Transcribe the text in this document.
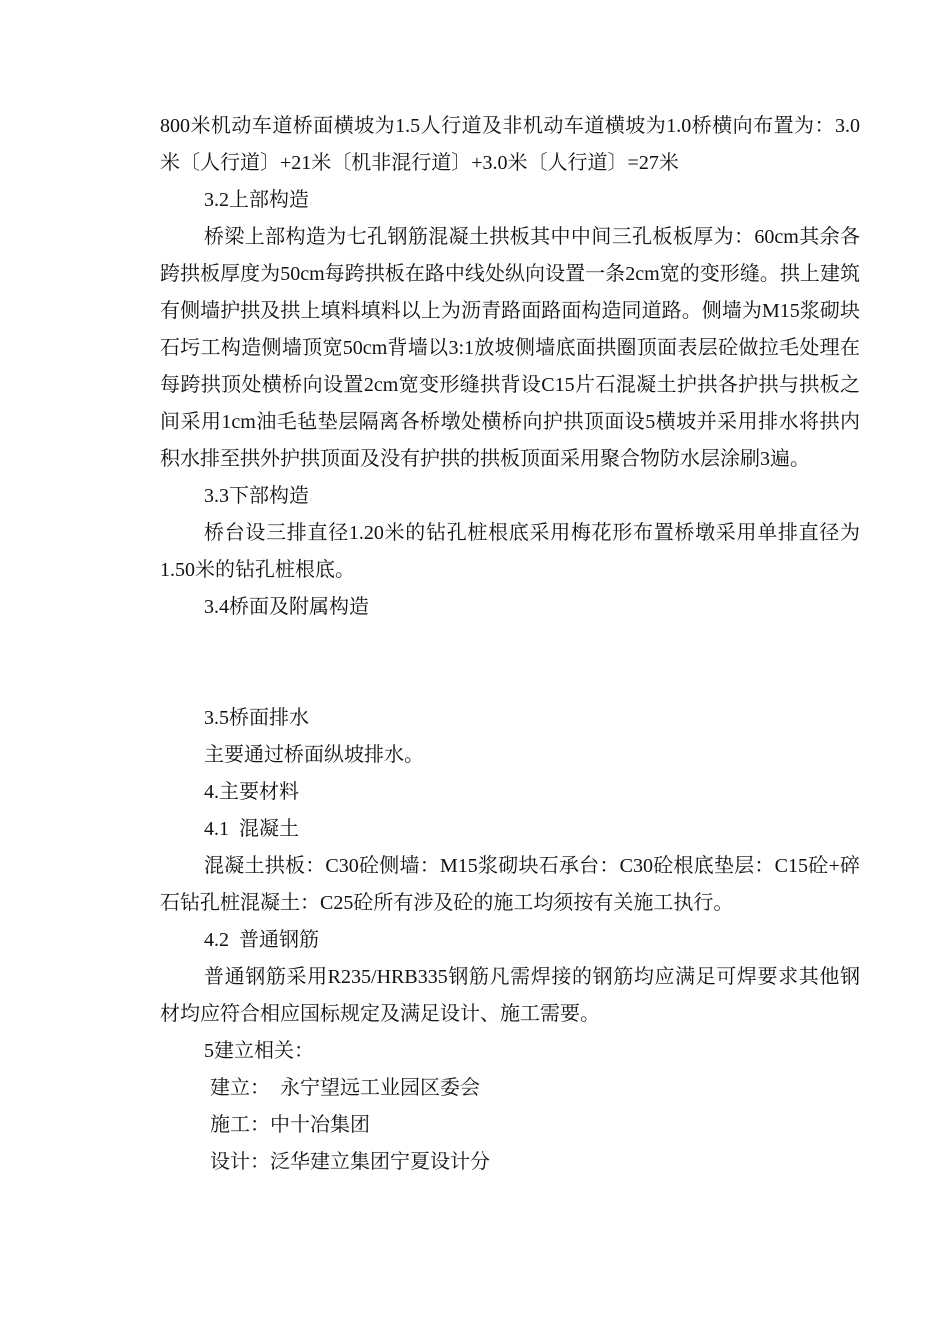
800米机动车道桥面横坡为1.5人行道及非机动车道横坡为1.0桥横向布置为：3.0米〔人行道〕+21米〔机非混行道〕+3.0米〔人行道〕=27米

3.2上部构造

桥梁上部构造为七孔钢筋混凝土拱板其中中间三孔板板厚为：60cm其余各跨拱板厚度为50cm每跨拱板在路中线处纵向设置一条2cm宽的变形缝。拱上建筑有侧墙护拱及拱上填料填料以上为沥青路面路面构造同道路。侧墙为M15浆砌块石圬工构造侧墙顶宽50cm背墙以3:1放坡侧墙底面拱圈顶面表层砼做拉毛处理在每跨拱顶处横桥向设置2cm宽变形缝拱背设C15片石混凝土护拱各护拱与拱板之间采用1cm油毛毡垫层隔离各桥墩处横桥向护拱顶面设5横坡并采用排水将拱内积水排至拱外护拱顶面及没有护拱的拱板顶面采用聚合物防水层涂刷3遍。

3.3下部构造

桥台设三排直径1.20米的钻孔桩根底采用梅花形布置桥墩采用单排直径为1.50米的钻孔桩根底。

3.4桥面及附属构造

3.5桥面排水

主要通过桥面纵坡排水。

4.主要材料

4.1  混凝土

混凝土拱板：C30砼侧墙：M15浆砌块石承台：C30砼根底垫层：C15砼+碎石钻孔桩混凝土：C25砼所有涉及砼的施工均须按有关施工执行。

4.2  普通钢筋

普通钢筋采用R235/HRB335钢筋凡需焊接的钢筋均应满足可焊要求其他钢材均应符合相应国标规定及满足设计、施工需要。

5建立相关：

建立：  永宁望远工业园区委会

施工：中十冶集团

设计：泛华建立集团宁夏设计分
